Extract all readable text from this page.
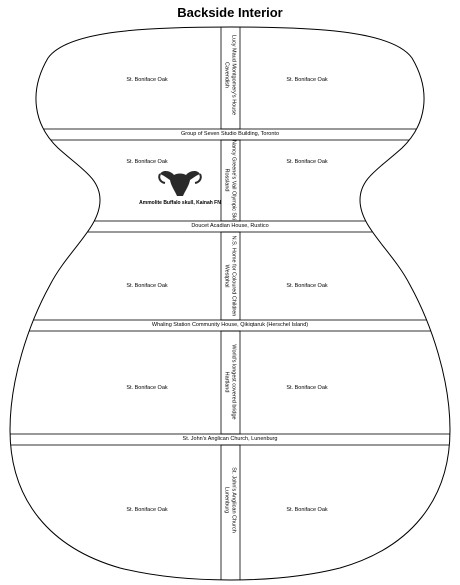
Backside Interior
Group of Seven Studio Building, Toronto
Doucet Acadian House, Rustico
Whaling Station Community House, Qikiqtaruk (Herschel Island)
St. John's Anglican Church, Lunenburg
Lucy Maud Montgomery's House
Cavendish
Nancy Greene's Vail Olympic Ski
Rossland
N.S. Home for Coloured Children
Westphal
World's longest covered bridge
Hartland
St. John's Anglican Church
Lunenburg
St. Boniface Oak	St. Boniface Oak
St. Boniface Oak	St. Boniface Oak
St. Boniface Oak	St. Boniface Oak
St. Boniface Oak	St. Boniface Oak
St. Boniface Oak	St. Boniface Oak
Ammolite Buffalo skull, Kainah FN
